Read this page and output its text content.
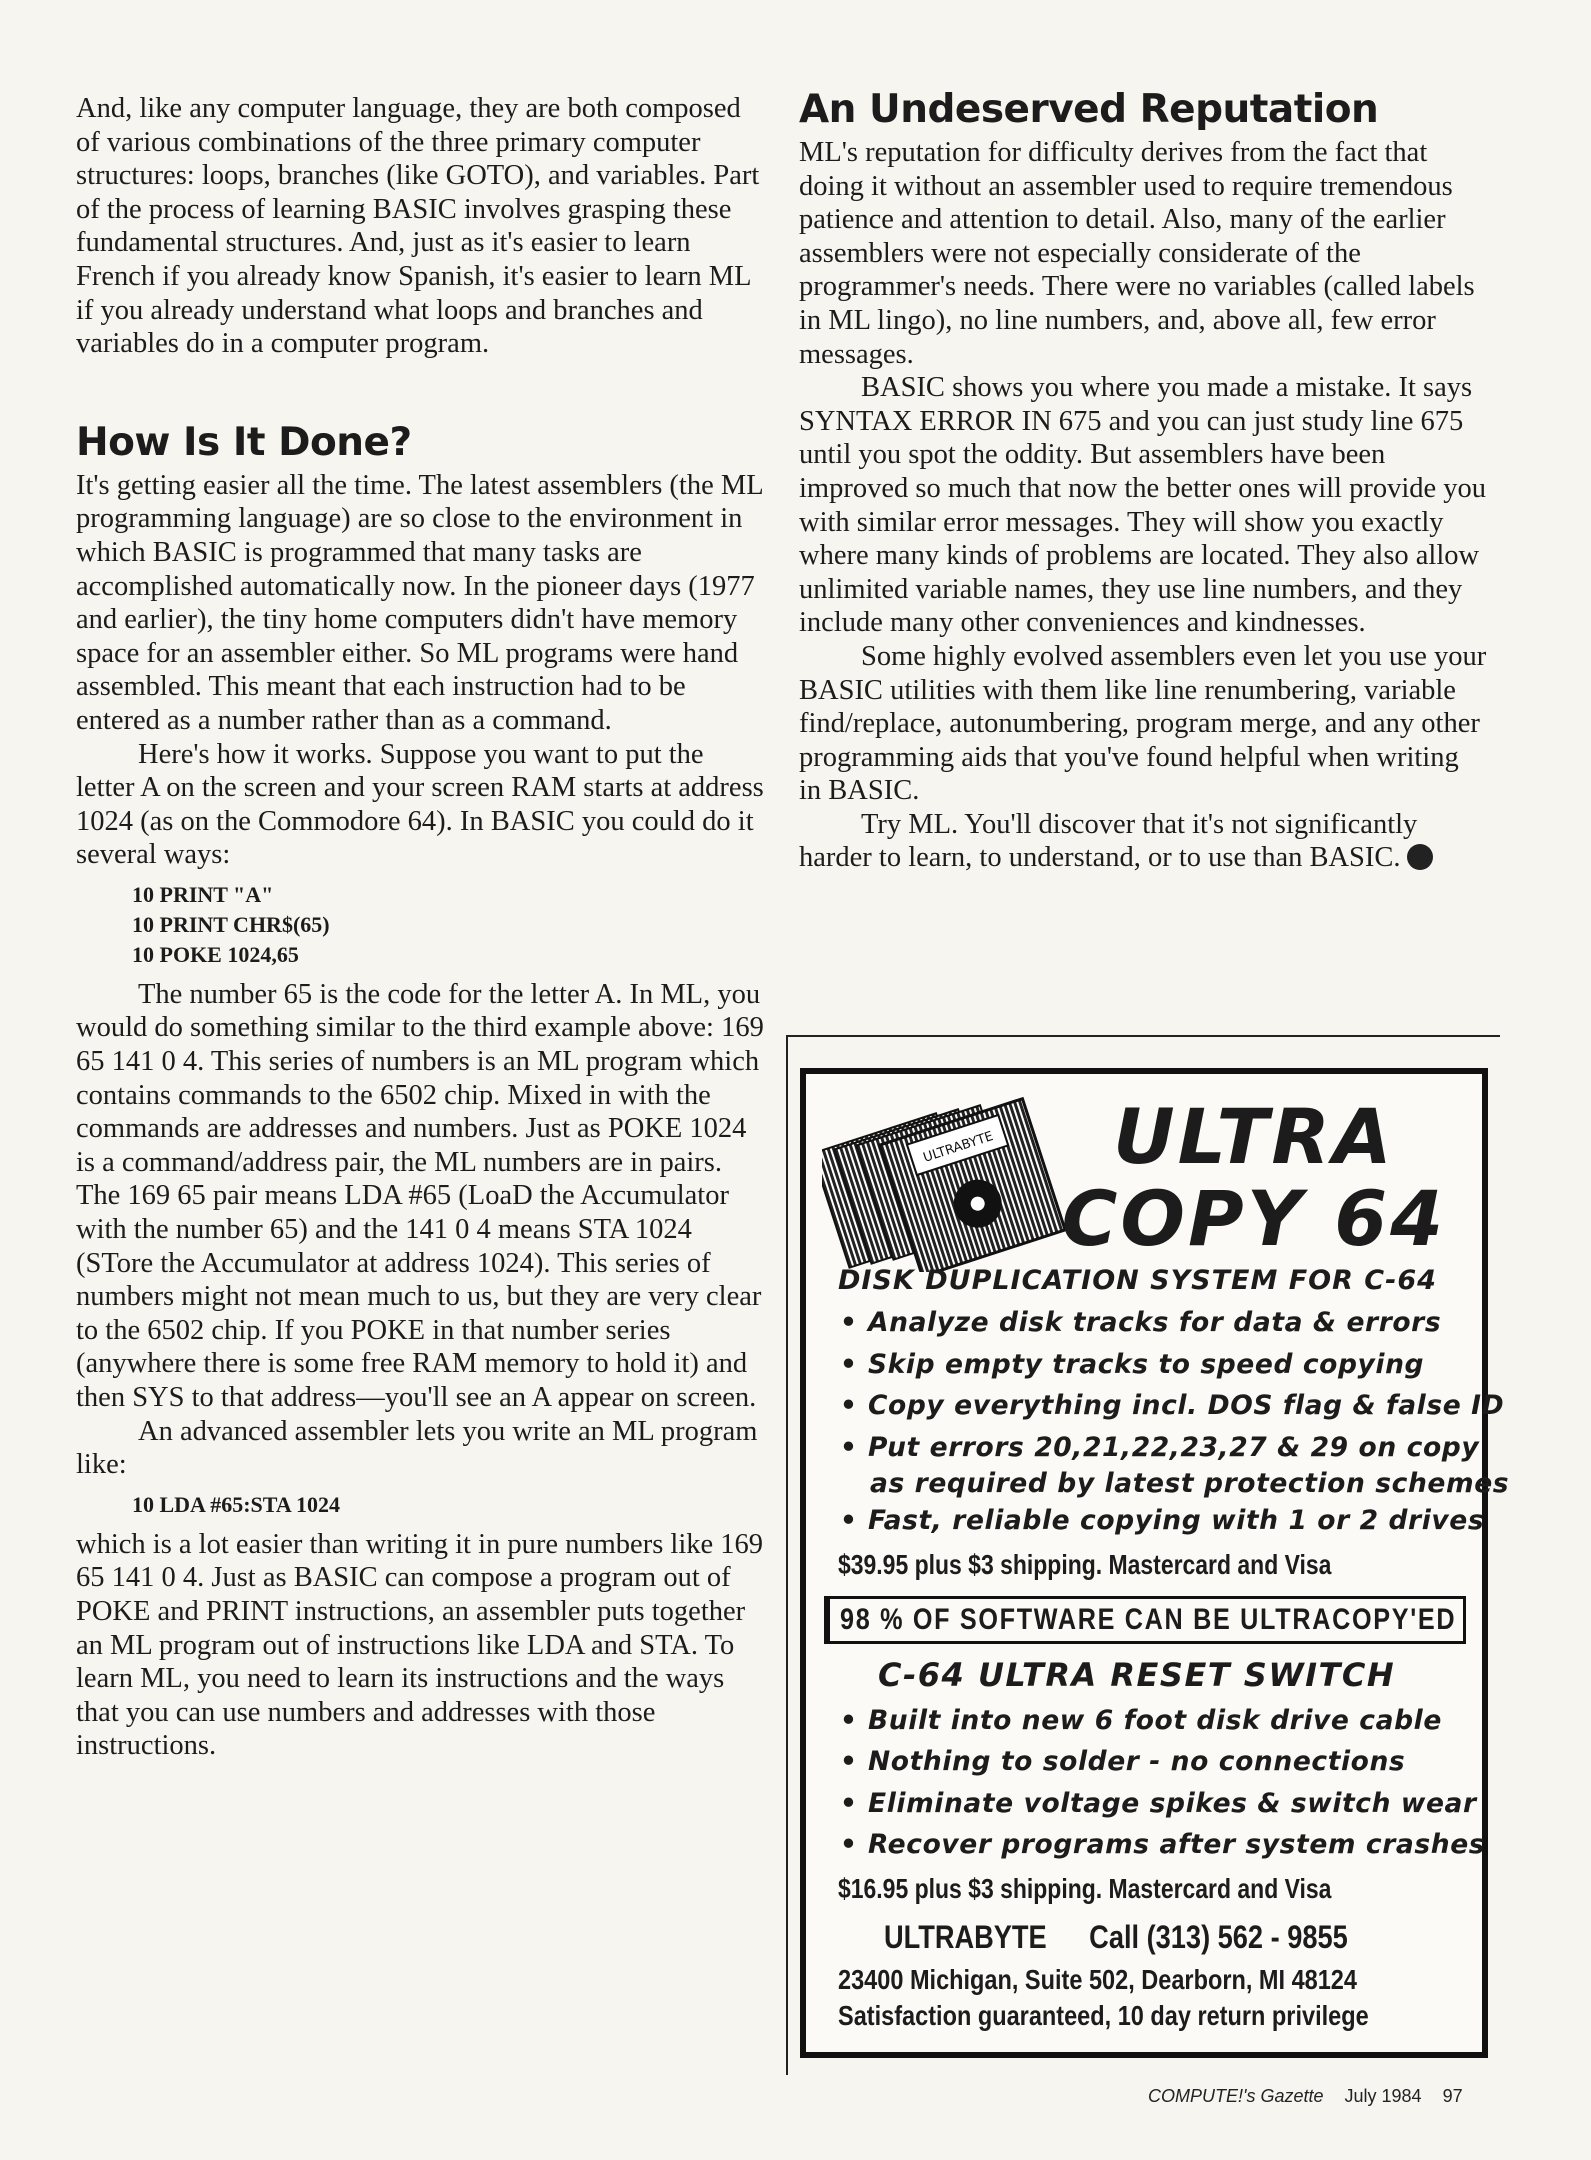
And, like any computer language, they are both composed of various combinations of the three primary computer structures: loops, branches (like GOTO), and variables. Part of the process of learning BASIC involves grasping these fundamental structures. And, just as it's easier to learn French if you already know Spanish, it's easier to learn ML if you already understand what loops and branches and variables do in a computer program.

How Is It Done?

It's getting easier all the time. The latest assemblers (the ML programming language) are so close to the environment in which BASIC is programmed that many tasks are accomplished automatically now. In the pioneer days (1977 and earlier), the tiny home computers didn't have memory space for an assembler either. So ML programs were hand assembled. This meant that each instruction had to be entered as a number rather than as a command.

Here's how it works. Suppose you want to put the letter A on the screen and your screen RAM starts at address 1024 (as on the Commodore 64). In BASIC you could do it several ways:

10 PRINT "A"
10 PRINT CHR$(65)
10 POKE 1024,65

The number 65 is the code for the letter A. In ML, you would do something similar to the third example above: 169 65 141 0 4. This series of numbers is an ML program which contains commands to the 6502 chip. Mixed in with the commands are addresses and numbers. Just as POKE 1024 is a command/address pair, the ML numbers are in pairs. The 169 65 pair means LDA #65 (LoaD the Accumulator with the number 65) and the 141 0 4 means STA 1024 (STore the Accumulator at address 1024). This series of numbers might not mean much to us, but they are very clear to the 6502 chip. If you POKE in that number series (anywhere there is some free RAM memory to hold it) and then SYS to that address—you'll see an A appear on screen.

An advanced assembler lets you write an ML program like:

10 LDA #65:STA 1024

which is a lot easier than writing it in pure numbers like 169 65 141 0 4. Just as BASIC can compose a program out of POKE and PRINT instructions, an assembler puts together an ML program out of instructions like LDA and STA. To learn ML, you need to learn its instructions and the ways that you can use numbers and addresses with those instructions.

An Undeserved Reputation

ML's reputation for difficulty derives from the fact that doing it without an assembler used to require tremendous patience and attention to detail. Also, many of the earlier assemblers were not especially considerate of the programmer's needs. There were no variables (called labels in ML lingo), no line numbers, and, above all, few error messages.

BASIC shows you where you made a mistake. It says SYNTAX ERROR IN 675 and you can just study line 675 until you spot the oddity. But assemblers have been improved so much that now the better ones will provide you with similar error messages. They will show you exactly where many kinds of problems are located. They also allow unlimited variable names, they use line numbers, and they include many other conveniences and kindnesses.

Some highly evolved assemblers even let you use your BASIC utilities with them like line renumbering, variable find/replace, autonumbering, program merge, and any other programming aids that you've found helpful when writing in BASIC.

Try ML. You'll discover that it's not significantly harder to learn, to understand, or to use than BASIC.

ULTRABYTE	ULTRA
COPY 64
DISK DUPLICATION SYSTEM FOR C-64
• Analyze disk tracks for data & errors
• Skip empty tracks to speed copying
• Copy everything incl. DOS flag & false ID
• Put errors 20,21,22,23,27 & 29 on copy
as required by latest protection schemes
• Fast, reliable copying with 1 or 2 drives
$39.95 plus $3 shipping. Mastercard and Visa
98 % OF SOFTWARE CAN BE ULTRACOPY'ED
C-64 ULTRA RESET SWITCH
• Built into new 6 foot disk drive cable
• Nothing to solder - no connections
• Eliminate voltage spikes & switch wear
• Recover programs after system crashes
$16.95 plus $3 shipping. Mastercard and Visa
ULTRABYTE Call (313) 562 - 9855
23400 Michigan, Suite 502, Dearborn, MI 48124
Satisfaction guaranteed, 10 day return privilege
COMPUTE!'s Gazette July 1984 97
